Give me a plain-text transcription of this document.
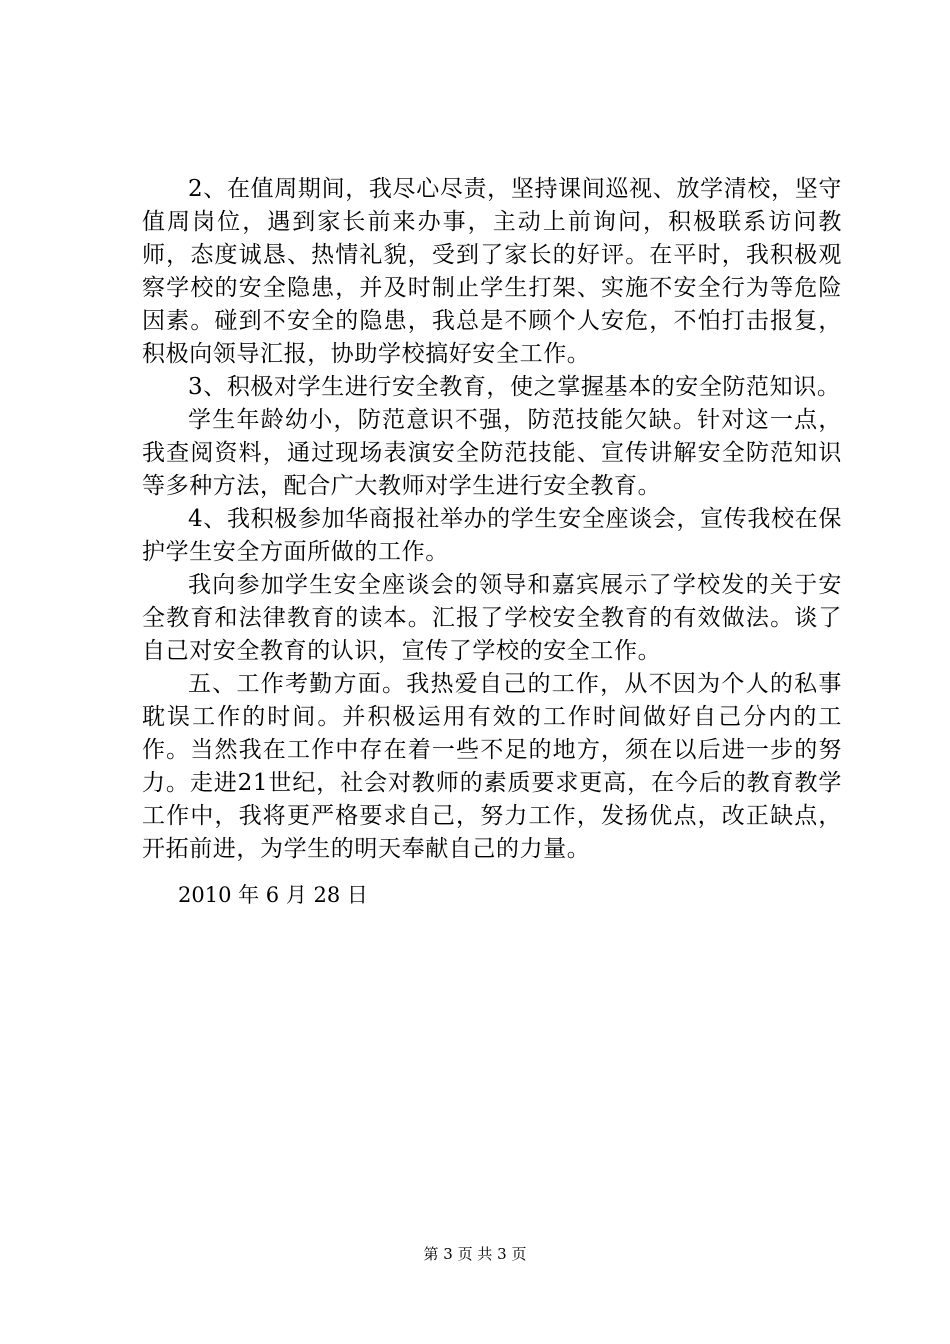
2、在值周期间，我尽心尽责，坚持课间巡视、放学清校，坚守值周岗位，遇到家长前来办事，主动上前询问，积极联系访问教师，态度诚恳、热情礼貌，受到了家长的好评。在平时，我积极观察学校的安全隐患，并及时制止学生打架、实施不安全行为等危险因素。碰到不安全的隐患，我总是不顾个人安危，不怕打击报复，积极向领导汇报，协助学校搞好安全工作。

3、积极对学生进行安全教育，使之掌握基本的安全防范知识。

学生年龄幼小，防范意识不强，防范技能欠缺。针对这一点，我查阅资料，通过现场表演安全防范技能、宣传讲解安全防范知识等多种方法，配合广大教师对学生进行安全教育。

4、我积极参加华商报社举办的学生安全座谈会，宣传我校在保护学生安全方面所做的工作。

我向参加学生安全座谈会的领导和嘉宾展示了学校发的关于安全教育和法律教育的读本。汇报了学校安全教育的有效做法。谈了自己对安全教育的认识，宣传了学校的安全工作。

五、工作考勤方面。我热爱自己的工作，从不因为个人的私事耽误工作的时间。并积极运用有效的工作时间做好自己分内的工作。当然我在工作中存在着一些不足的地方，须在以后进一步的努力。走进21世纪，社会对教师的素质要求更高，在今后的教育教学工作中，我将更严格要求自己，努力工作，发扬优点，改正缺点，开拓前进，为学生的明天奉献自己的力量。

2010 年 6 月 28 日

第 3 页 共 3 页
